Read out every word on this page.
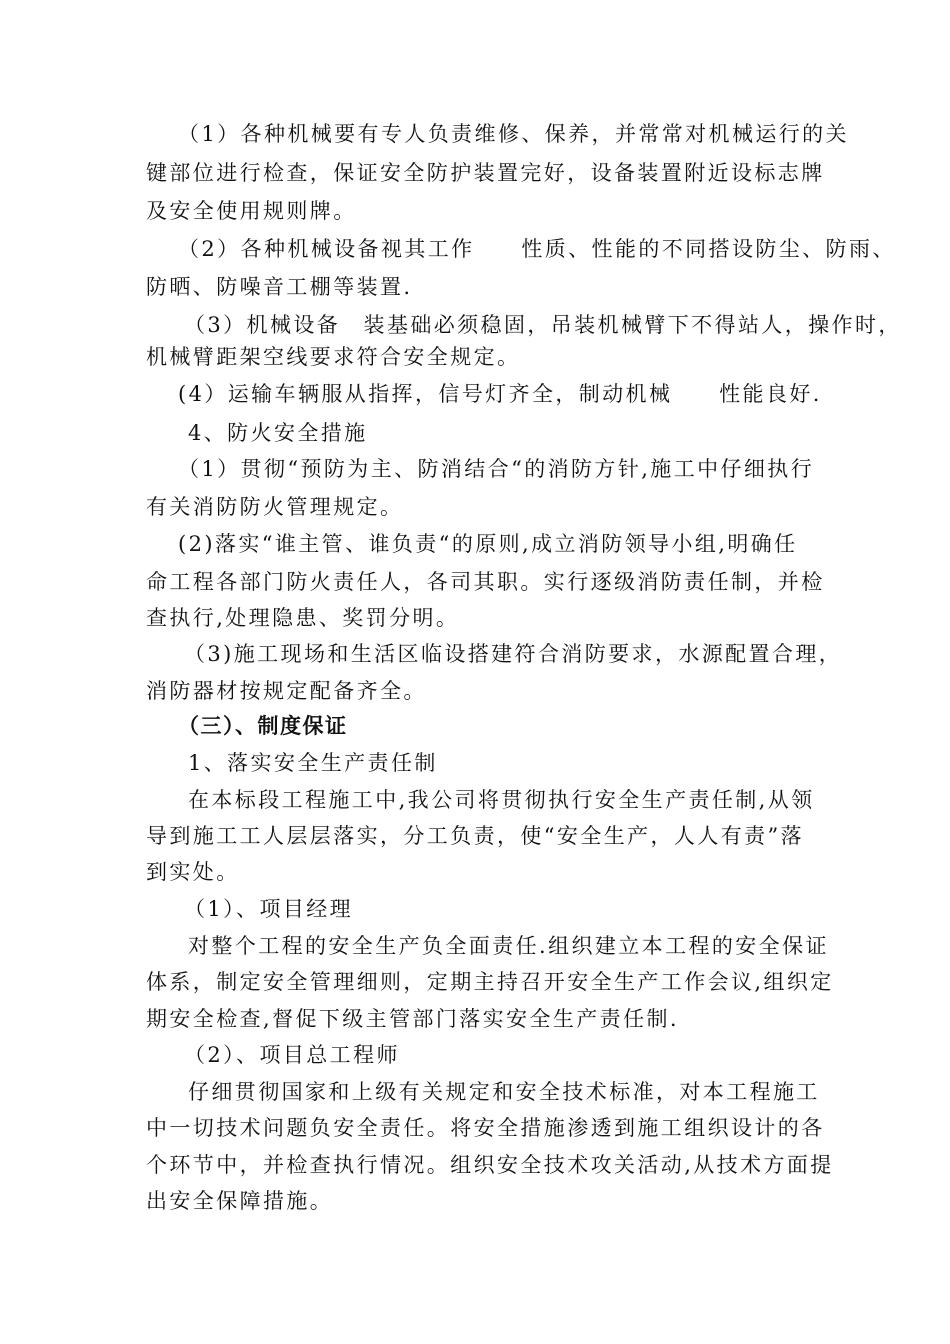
（1）各种机械要有专人负责维修、保养，并常常对机械运行的关
键部位进行检查，保证安全防护装置完好，设备装置附近设标志牌
及安全使用规则牌。
（2）各种机械设备视其工作　　性质、性能的不同搭设防尘、防雨、
防晒、防噪音工棚等装置.
（3）机械设备　装基础必须稳固，吊装机械臂下不得站人，操作时，
机械臂距架空线要求符合安全规定。
(4）运输车辆服从指挥，信号灯齐全，制动机械　　性能良好.
4、防火安全措施
（1）贯彻“预防为主、防消结合“的消防方针,施工中仔细执行
有关消防防火管理规定。
(2)落实“谁主管、谁负责“的原则,成立消防领导小组,明确任
命工程各部门防火责任人，各司其职。实行逐级消防责任制，并检
查执行,处理隐患、奖罚分明。
（3)施工现场和生活区临设搭建符合消防要求，水源配置合理，
消防器材按规定配备齐全。
（三）、制度保证
1、落实安全生产责任制
在本标段工程施工中,我公司将贯彻执行安全生产责任制,从领
导到施工工人层层落实，分工负责，使“安全生产，人人有责”落
到实处。
（1）、项目经理
对整个工程的安全生产负全面责任.组织建立本工程的安全保证
体系，制定安全管理细则，定期主持召开安全生产工作会议,组织定
期安全检查,督促下级主管部门落实安全生产责任制.
（2）、项目总工程师
仔细贯彻国家和上级有关规定和安全技术标准，对本工程施工
中一切技术问题负安全责任。将安全措施渗透到施工组织设计的各
个环节中，并检查执行情况。组织安全技术攻关活动,从技术方面提
出安全保障措施。
